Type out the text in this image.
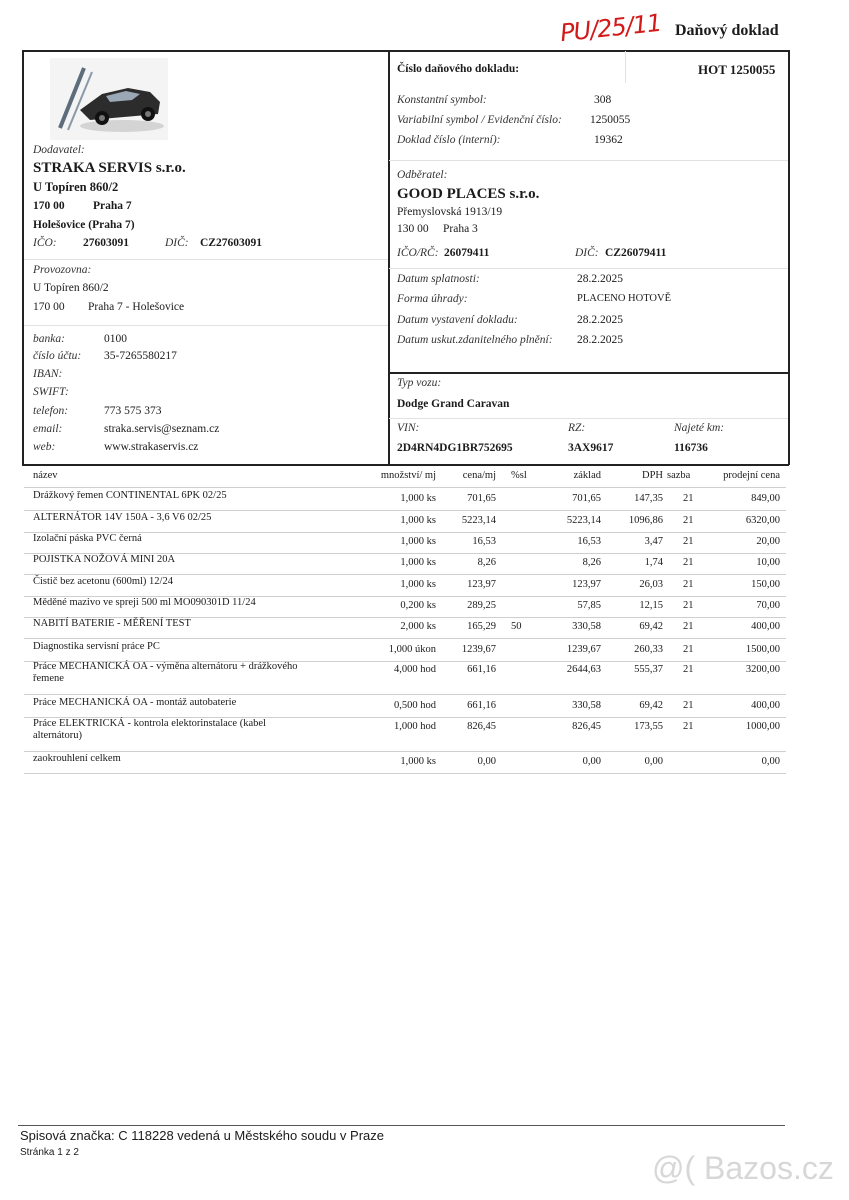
PU/25/11 Daňový doklad
Dodavatel:
STRAKA SERVIS s.r.o.
U Topíren 860/2
170 00 Praha 7
Holešovice (Praha 7)
IČO: 27603091	DIČ: CZ27603091
Provozovna:
U Topíren 860/2
170 00 Praha 7 - Holešovice
banka:	0100
číslo účtu: 35-7265580217
IBAN:
SWIFT:
telefon:	773 575 373
email:	straka.servis@seznam.cz
web:	www.strakaservis.cz
Číslo daňového dokladu:	HOT 1250055
Konstantní symbol:	308
Variabilní symbol / Evidenční číslo: 1250055
Doklad číslo (interní):	19362
Odběratel:
GOOD PLACES s.r.o.
Přemyslovská 1913/19
130 00 Praha 3
IČO/RČ: 26079411	DIČ: CZ26079411
Datum splatnosti:	28.2.2025
Forma úhrady:	PLACENO HOTOVĚ
Datum vystavení dokladu:	28.2.2025
Datum uskut.zdanitelného plnění: 28.2.2025
Typ vozu:
Dodge Grand Caravan
VIN:
2D4RN4DG1BR752695
RZ:
3AX9617
Najeté km:
116736
název	množství/ mj	cena/mj %sl	základ	DPH sazba	prodejní cena
Drážkový řemen CONTINENTAL 6PK 02/25	1,000 ks	701,65	701,65	147,35 21	849,00
ALTERNÁTOR 14V 150A - 3,6 V6 02/25	1,000 ks	5223,14	5223,14	1096,86 21	6320,00
Izolační páska PVC černá	1,000 ks	16,53	16,53	3,47 21	20,00
POJISTKA NOŽOVÁ MINI 20A	1,000 ks	8,26	8,26	1,74 21	10,00
Čistič bez acetonu (600ml) 12/24	1,000 ks	123,97	123,97	26,03 21	150,00
Měděné mazivo ve spreji 500 ml MO090301D 11/24	0,200 ks	289,25	57,85	12,15 21	70,00
NABITÍ BATERIE - MĚŘENÍ TEST	2,000 ks	165,29 50	330,58	69,42 21	400,00
Diagnostika servisní práce PC	1,000 úkon	1239,67	1239,67	260,33 21	1500,00
Práce MECHANICKÁ OA - výměna alternátoru + drážkového	4,000 hod	661,16	2644,63	555,37 21	3200,00
řemene
Práce MECHANICKÁ OA - montáž autobaterie	0,500 hod	661,16	330,58	69,42 21	400,00
Práce ELEKTRICKÁ - kontrola elektorinstalace (kabel	1,000 hod	826,45	826,45	173,55 21	1000,00
alternátoru)
zaokrouhlení celkem	1,000 ks	0,00	0,00	0,00	0,00
Spisová značka: C 118228 vedená u Městského soudu v Praze
Stránka 1 z 2	@( Bazos.cz
